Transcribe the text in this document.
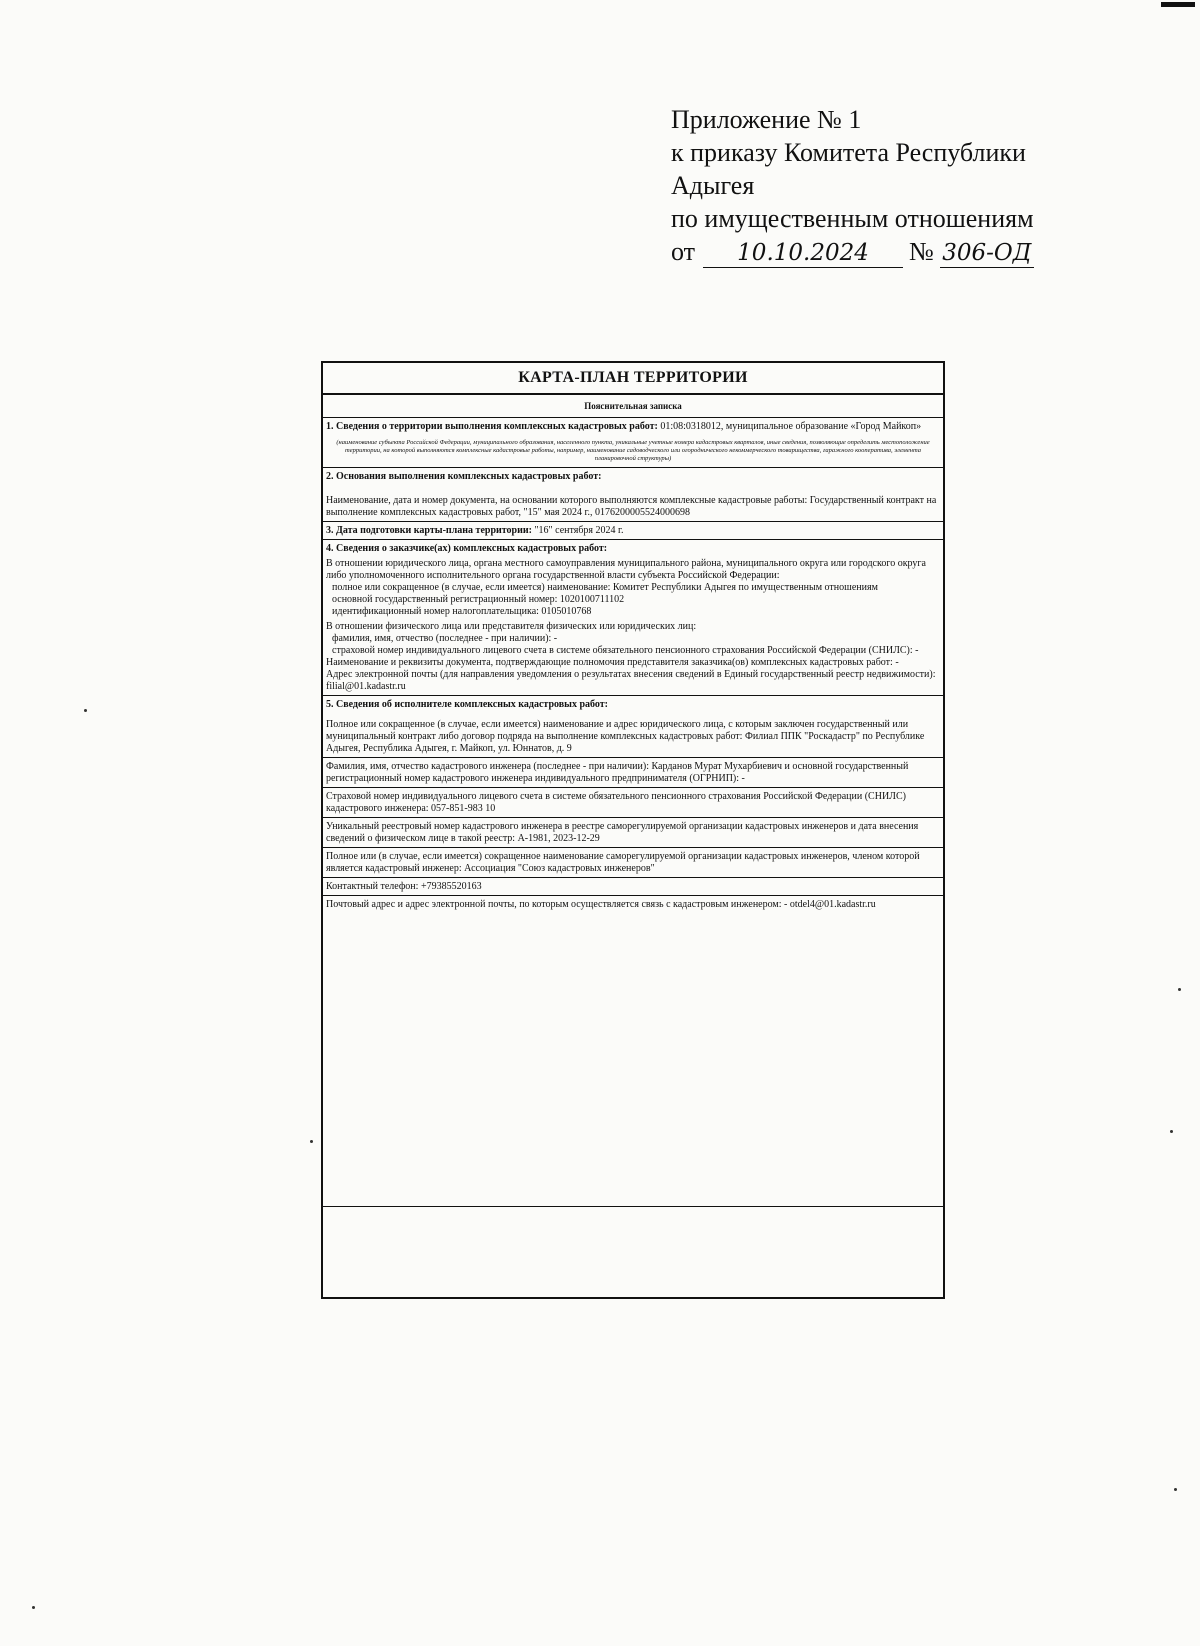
Приложение № 1
к приказу Комитета Республики
Адыгея
по имущественным отношениям
от 10.10.2024 № 306-ОД
КАРТА-ПЛАН ТЕРРИТОРИИ
Пояснительная записка
1. Сведения о территории выполнения комплексных кадастровых работ: 01:08:0318012, муниципальное образование «Город Майкоп»
(наименование субъекта Российской Федерации, муниципального образования, населенного пункта, уникальные учетные номера кадастровых кварталов, иные сведения, позволяющие определить местоположение территории, на которой выполняются комплексные кадастровые работы, например, наименование садоводческого или огороднического некоммерческого товарищества, гаражного кооператива, элемента планировочной структуры)
2. Основания выполнения комплексных кадастровых работ:
Наименование, дата и номер документа, на основании которого выполняются комплексные кадастровые работы: Государственный контракт на выполнение комплексных кадастровых работ, "15" мая 2024 г., 0176200005524000698
3. Дата подготовки карты-плана территории: "16" сентября 2024 г.
4. Сведения о заказчике(ах) комплексных кадастровых работ:
В отношении юридического лица, органа местного самоуправления муниципального района, муниципального округа или городского округа либо уполномоченного исполнительного органа государственной власти субъекта Российской Федерации:
полное или сокращенное (в случае, если имеется) наименование: Комитет Республики Адыгея по имущественным отношениям
основной государственный регистрационный номер: 1020100711102
идентификационный номер налогоплательщика: 0105010768
В отношении физического лица или представителя физических или юридических лиц:
фамилия, имя, отчество (последнее - при наличии): -
страховой номер индивидуального лицевого счета в системе обязательного пенсионного страхования Российской Федерации (СНИЛС): -
Наименование и реквизиты документа, подтверждающие полномочия представителя заказчика(ов) комплексных кадастровых работ: -
Адрес электронной почты (для направления уведомления о результатах внесения сведений в Единый государственный реестр недвижимости): filial@01.kadastr.ru
5. Сведения об исполнителе комплексных кадастровых работ:
Полное или сокращенное (в случае, если имеется) наименование и адрес юридического лица, с которым заключен государственный или муниципальный контракт либо договор подряда на выполнение комплексных кадастровых работ: Филиал ППК "Роскадастр" по Республике Адыгея, Республика Адыгея, г. Майкоп, ул. Юннатов, д. 9
Фамилия, имя, отчество кадастрового инженера (последнее - при наличии): Карданов Мурат Мухарбиевич и основной государственный регистрационный номер кадастрового инженера индивидуального предпринимателя (ОГРНИП): -
Страховой номер индивидуального лицевого счета в системе обязательного пенсионного страхования Российской Федерации (СНИЛС) кадастрового инженера: 057-851-983 10
Уникальный реестровый номер кадастрового инженера в реестре саморегулируемой организации кадастровых инженеров и дата внесения сведений о физическом лице в такой реестр: А-1981, 2023-12-29
Полное или (в случае, если имеется) сокращенное наименование саморегулируемой организации кадастровых инженеров, членом которой является кадастровый инженер: Ассоциация "Союз кадастровых инженеров"
Контактный телефон: +79385520163
Почтовый адрес и адрес электронной почты, по которым осуществляется связь с кадастровым инженером: - otdel4@01.kadastr.ru
